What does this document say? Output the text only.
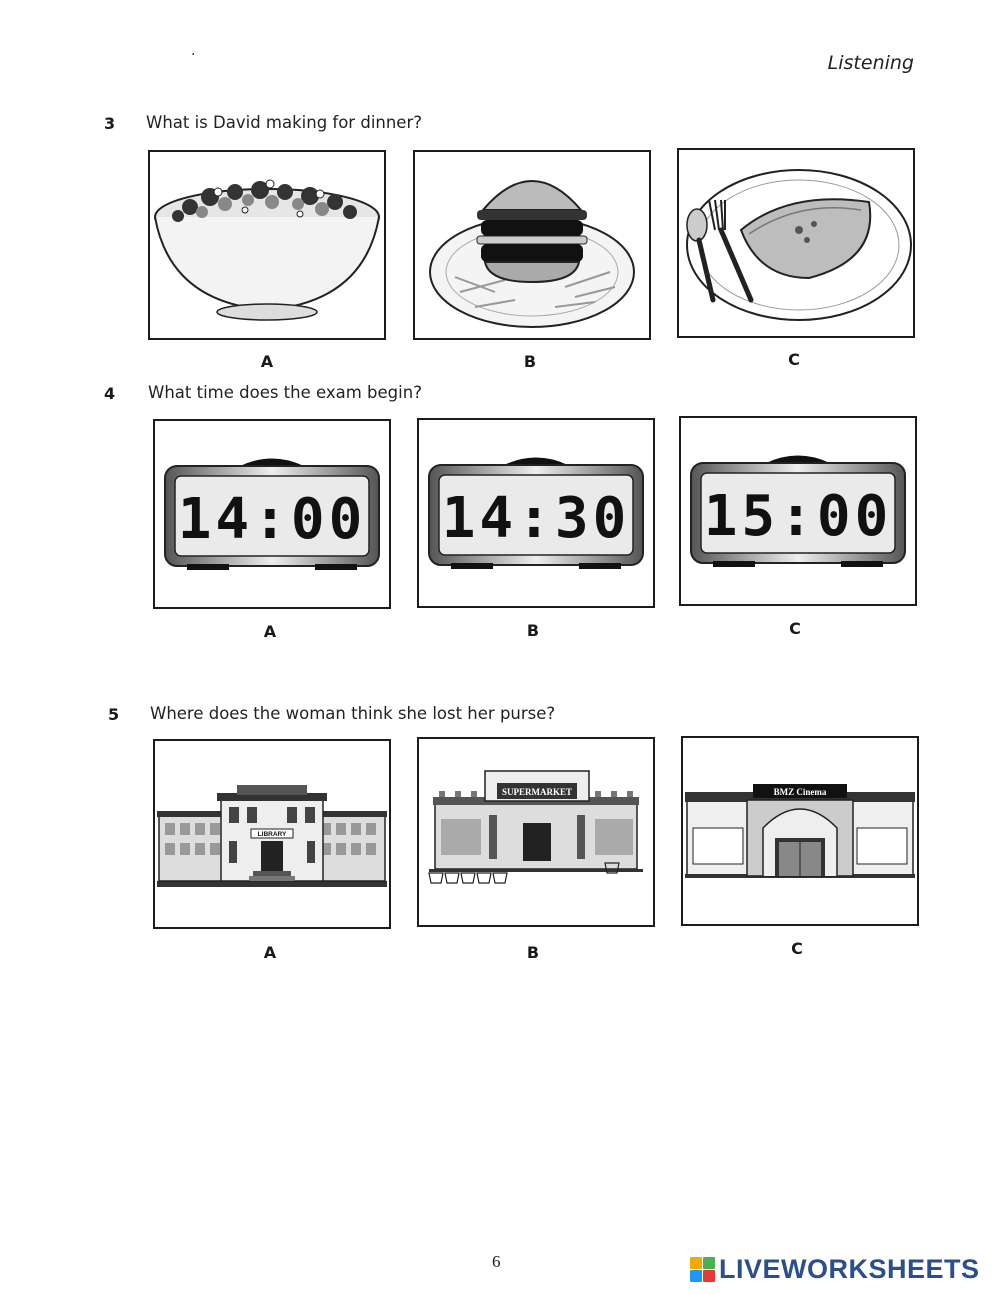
·	Listening
3 What is David making for dinner?
A	B	C
4 What time does the exam begin?
14:00
A
14:30
B
15:00
C
5 Where does the woman think she lost her purse?
LIBRARY
A
SUPERMARKET
B
BMZ Cinema
C
6	LIVEWORKSHEETS
